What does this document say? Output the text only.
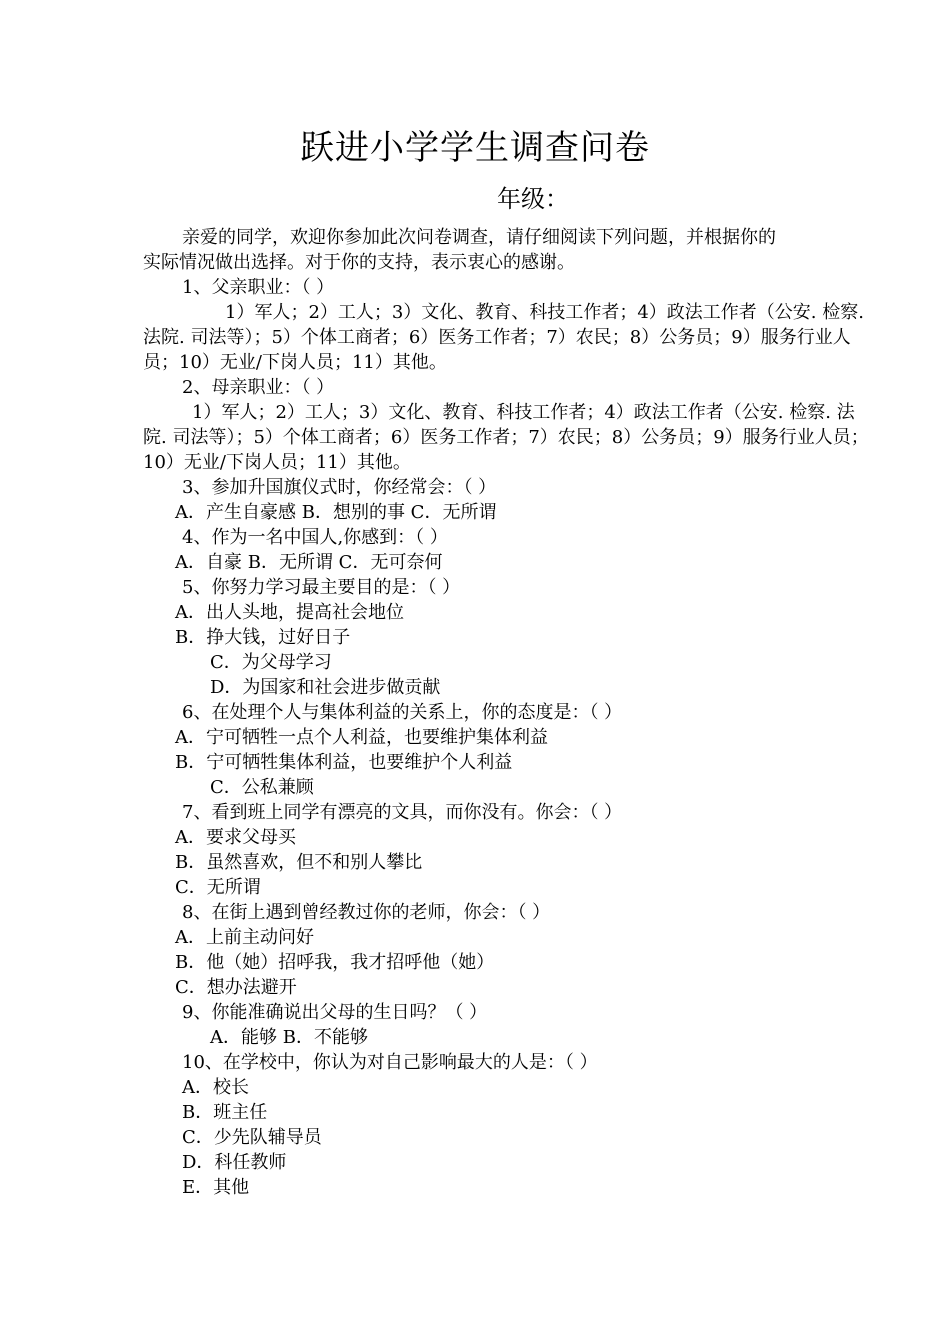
跃进小学学生调查问卷
年级：
亲爱的同学，欢迎你参加此次问卷调查，请仔细阅读下列问题，并根据你的
实际情况做出选择。对于你的支持，表示衷心的感谢。
1、父亲职业：（ ）
1）军人；2）工人；3）文化、教育、科技工作者；4）政法工作者（公安. 检察.
法院. 司法等）；5）个体工商者；6）医务工作者；7）农民；8）公务员；9）服务行业人
员；10）无业/下岗人员；11）其他。
2、母亲职业：（ ）
1）军人；2）工人；3）文化、教育、科技工作者；4）政法工作者（公安. 检察. 法
院. 司法等）；5）个体工商者；6）医务工作者；7）农民；8）公务员；9）服务行业人员；
10）无业/下岗人员；11）其他。
3、参加升国旗仪式时，你经常会：（ ）
A．产生自豪感 B．想别的事 C．无所谓
4、作为一名中国人,你感到：（ ）
A．自豪 B．无所谓 C．无可奈何
5、你努力学习最主要目的是：（ ）
A．出人头地，提高社会地位
B．挣大钱，过好日子
C．为父母学习
D．为国家和社会进步做贡献
6、在处理个人与集体利益的关系上，你的态度是：（ ）
A．宁可牺牲一点个人利益，也要维护集体利益
B．宁可牺牲集体利益，也要维护个人利益
C．公私兼顾
7、看到班上同学有漂亮的文具，而你没有。你会：（ ）
A．要求父母买
B．虽然喜欢，但不和别人攀比
C．无所谓
8、在街上遇到曾经教过你的老师，你会：（ ）
A．上前主动问好
B．他（她）招呼我，我才招呼他（她）
C．想办法避开
9、你能准确说出父母的生日吗？（ ）
A．能够 B．不能够
10、在学校中，你认为对自己影响最大的人是：（ ）
A．校长
B．班主任
C．少先队辅导员
D．科任教师
E．其他
